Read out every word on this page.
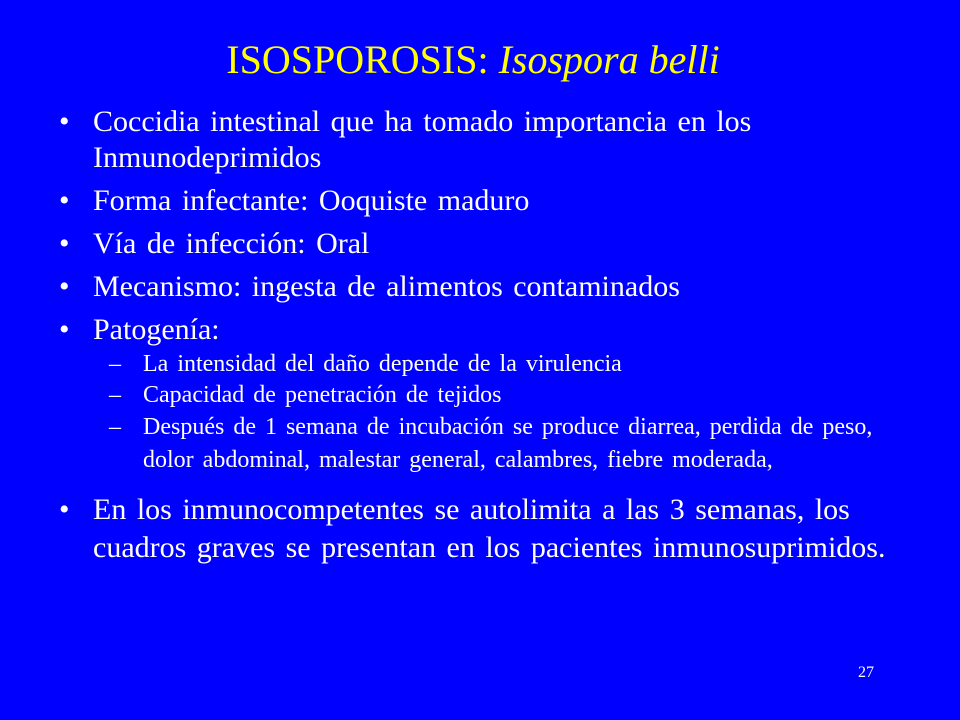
ISOSPOROSIS: Isospora belli
• Coccidia intestinal que ha tomado importancia en los Inmunodeprimidos
• Forma infectante: Ooquiste maduro
• Vía de infección: Oral
• Mecanismo: ingesta de alimentos contaminados
• Patogenía:
– La intensidad del daño depende de la virulencia
– Capacidad de penetración de tejidos
– Después de 1 semana de incubación se produce diarrea, perdida de peso, dolor abdominal, malestar general, calambres, fiebre moderada,
• En los inmunocompetentes se autolimita a las 3 semanas, los cuadros graves se presentan en los pacientes inmunosuprimidos.
27
